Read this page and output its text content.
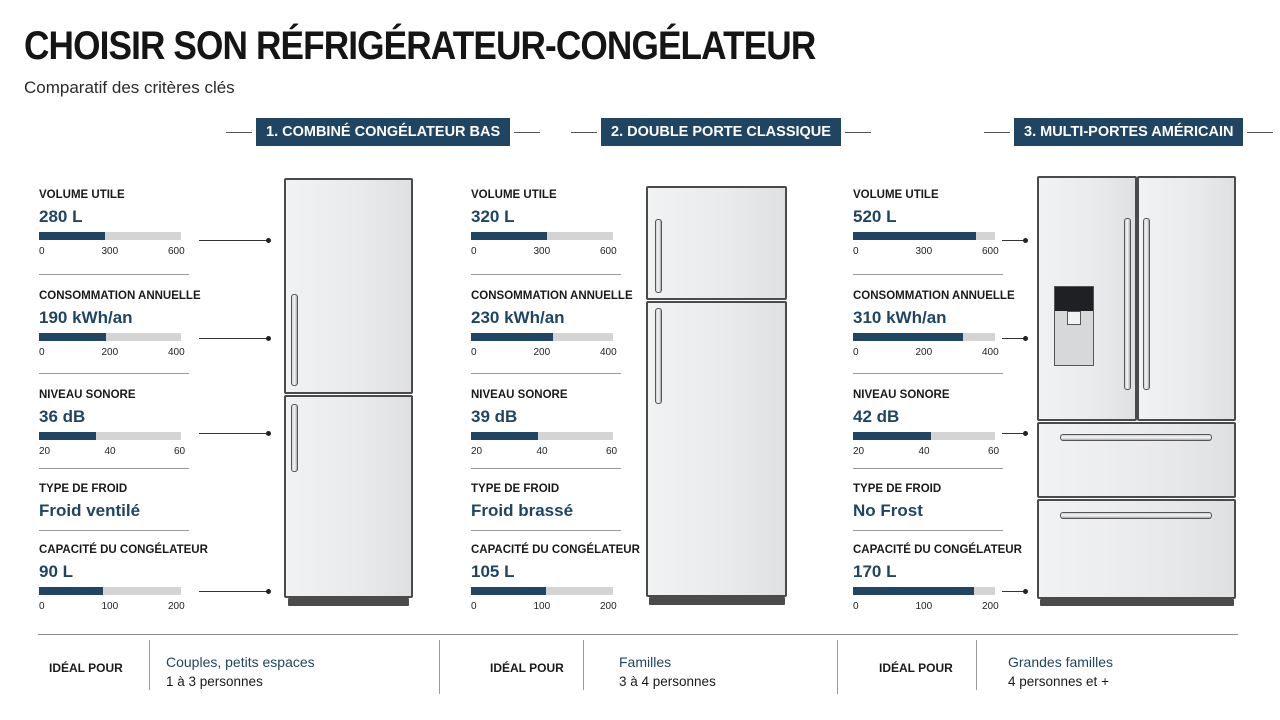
CHOISIR SON RÉFRIGÉRATEUR-CONGÉLATEUR
Comparatif des critères clés
1. COMBINÉ CONGÉLATEUR BAS	2. DOUBLE PORTE CLASSIQUE	3. MULTI-PORTES AMÉRICAIN
VOLUME UTILE
280 L
0	300	600
CONSOMMATION ANNUELLE
190 kWh/an
0	200	400
NIVEAU SONORE
36 dB
20	40	60
TYPE DE FROID
Froid ventilé
CAPACITÉ DU CONGÉLATEUR
90 L
0	100	200
VOLUME UTILE
320 L
0	300	600
CONSOMMATION ANNUELLE
230 kWh/an
0	200	400
NIVEAU SONORE
39 dB
20	40	60
TYPE DE FROID
Froid brassé
CAPACITÉ DU CONGÉLATEUR
105 L
0	100	200
VOLUME UTILE
520 L
0	300	600
CONSOMMATION ANNUELLE
310 kWh/an
0	200	400
NIVEAU SONORE
42 dB
20	40	60
TYPE DE FROID
No Frost
CAPACITÉ DU CONGÉLATEUR
170 L
0	100	200
IDÉAL POUR	Couples, petits espaces
1 à 3 personnes
IDÉAL POUR	Familles
3 à 4 personnes
IDÉAL POUR	Grandes familles
4 personnes et +
